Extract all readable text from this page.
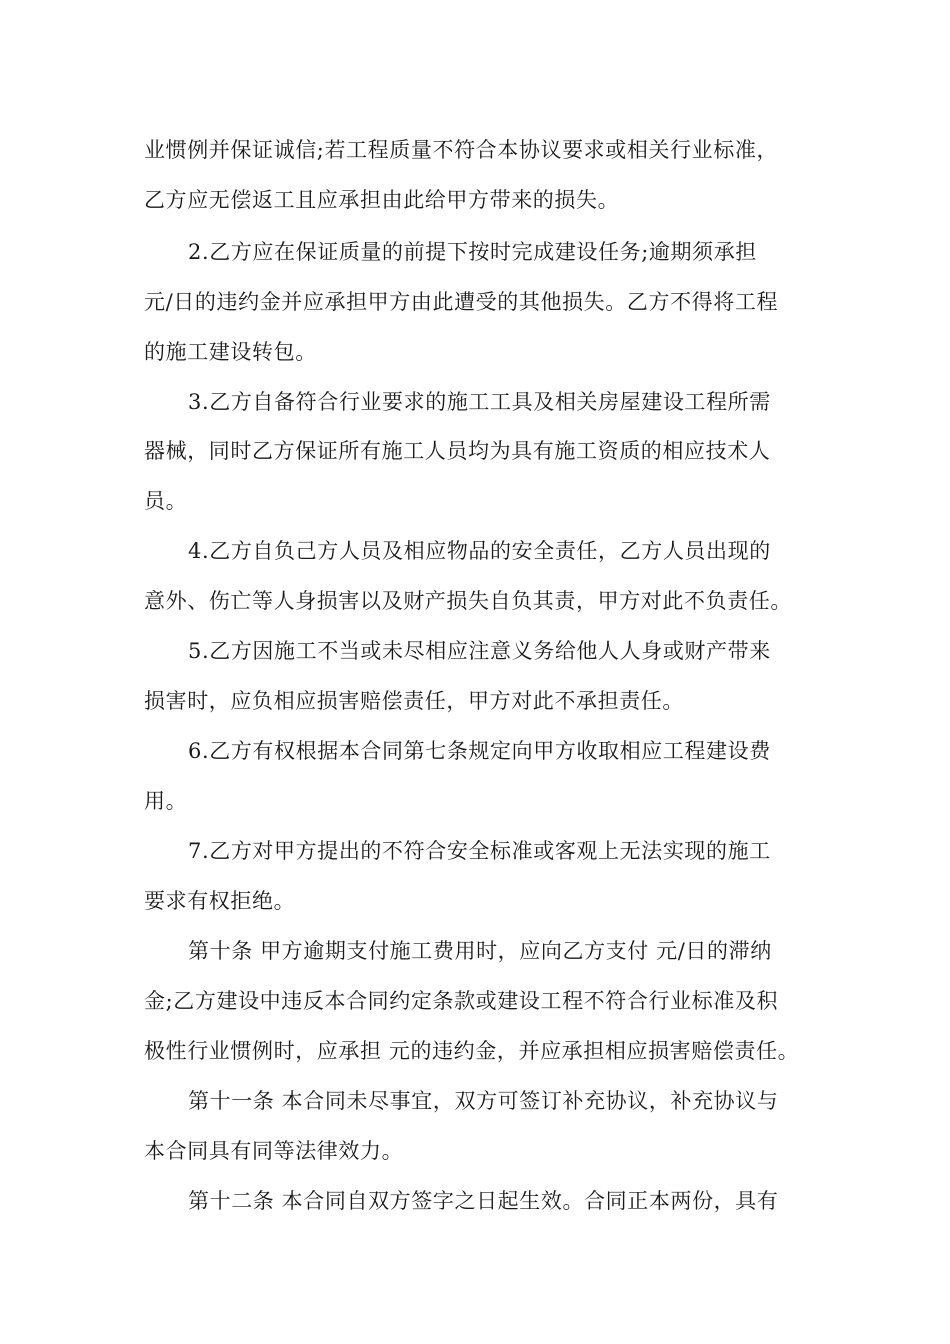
业惯例并保证诚信;若工程质量不符合本协议要求或相关行业标准，
乙方应无偿返工且应承担由此给甲方带来的损失。
2.乙方应在保证质量的前提下按时完成建设任务;逾期须承担
元/日的违约金并应承担甲方由此遭受的其他损失。乙方不得将工程
的施工建设转包。
3.乙方自备符合行业要求的施工工具及相关房屋建设工程所需
器械，同时乙方保证所有施工人员均为具有施工资质的相应技术人
员。
4.乙方自负己方人员及相应物品的安全责任，乙方人员出现的
意外、伤亡等人身损害以及财产损失自负其责，甲方对此不负责任。
5.乙方因施工不当或未尽相应注意义务给他人人身或财产带来
损害时，应负相应损害赔偿责任，甲方对此不承担责任。
6.乙方有权根据本合同第七条规定向甲方收取相应工程建设费
用。
7.乙方对甲方提出的不符合安全标准或客观上无法实现的施工
要求有权拒绝。
第十条 甲方逾期支付施工费用时，应向乙方支付 元/日的滞纳
金;乙方建设中违反本合同约定条款或建设工程不符合行业标准及积
极性行业惯例时，应承担 元的违约金，并应承担相应损害赔偿责任。
第十一条 本合同未尽事宜，双方可签订补充协议，补充协议与
本合同具有同等法律效力。
第十二条 本合同自双方签字之日起生效。合同正本两份，具有
